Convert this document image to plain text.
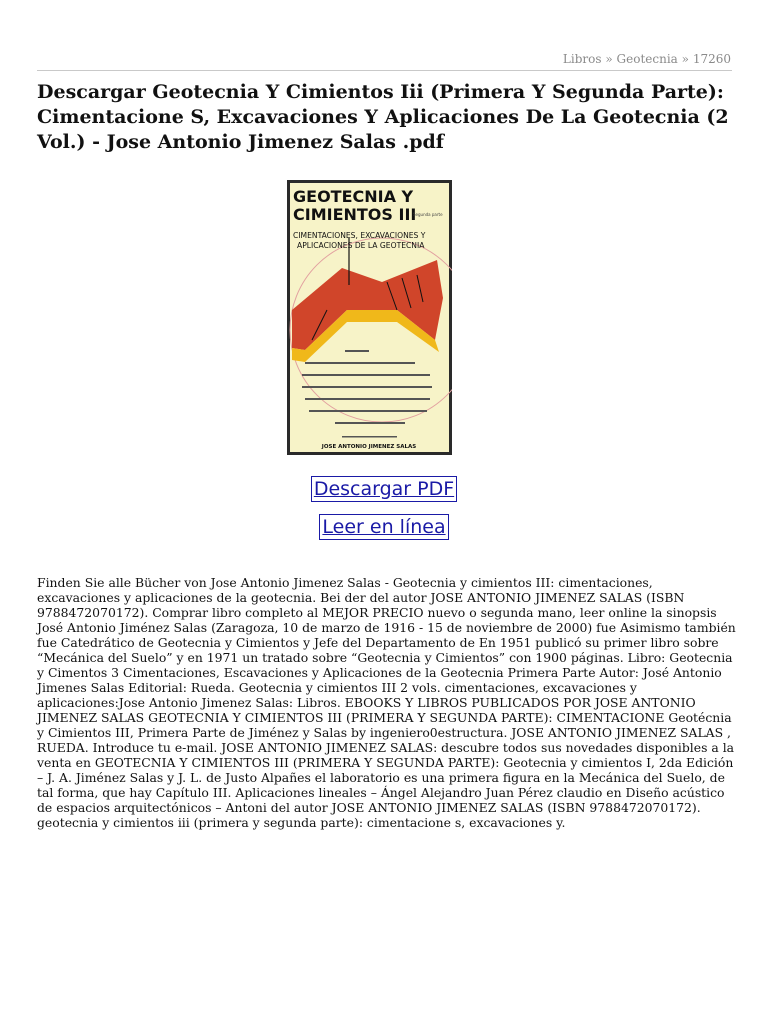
Libros » Geotecnia » 17260
Descargar Geotecnia Y Cimientos Iii (Primera Y Segunda Parte): Cimentacione S, Excavaciones Y Aplicaciones De La Geotecnia (2 Vol.) - Jose Antonio Jimenez Salas .pdf
GEOTECNIA Y
CIMIENTOS III
Segunda parte
CIMENTACIONES, EXCAVACIONES Y
APLICACIONES DE LA GEOTECNIA
JOSE ANTONIO JIMENEZ SALAS
Descargar PDF
Leer en línea

Finden Sie alle Bücher von Jose Antonio Jimenez Salas - Geotecnia y cimientos III: cimentaciones, excavaciones y aplicaciones de la geotecnia. Bei der del autor JOSE ANTONIO JIMENEZ SALAS (ISBN 9788472070172). Comprar libro completo al MEJOR PRECIO nuevo o segunda mano, leer online la sinopsis José Antonio Jiménez Salas (Zaragoza, 10 de marzo de 1916 - 15 de noviembre de 2000) fue Asimismo también fue Catedrático de Geotecnia y Cimientos y Jefe del Departamento de En 1951 publicó su primer libro sobre “Mecánica del Suelo” y en 1971 un tratado sobre “Geotecnia y Cimientos” con 1900 páginas. Libro: Geotecnia y Cimentos 3 Cimentaciones, Escavaciones y Aplicaciones de la Geotecnia Primera Parte Autor: José Antonio Jimenes Salas Editorial: Rueda. Geotecnia y cimientos III 2 vols. cimentaciones, excavaciones y aplicaciones:Jose Antonio Jimenez Salas: Libros. EBOOKS Y LIBROS PUBLICADOS POR JOSE ANTONIO JIMENEZ SALAS GEOTECNIA Y CIMIENTOS III (PRIMERA Y SEGUNDA PARTE): CIMENTACIONE Geotécnia y Cimientos III, Primera Parte de Jiménez y Salas by ingeniero0estructura. JOSE ANTONIO JIMENEZ SALAS , RUEDA. Introduce tu e-mail. JOSE ANTONIO JIMENEZ SALAS: descubre todos sus novedades disponibles a la venta en GEOTECNIA Y CIMIENTOS III (PRIMERA Y SEGUNDA PARTE): Geotecnia y cimientos I, 2da Edición – J. A. Jiménez Salas y J. L. de Justo Alpañes el laboratorio es una primera figura en la Mecánica del Suelo, de tal forma, que hay Capítulo III. Aplicaciones lineales – Ángel Alejandro Juan Pérez claudio en Diseño acústico de espacios arquitectónicos – Antoni del autor JOSE ANTONIO JIMENEZ SALAS (ISBN 9788472070172). geotecnia y cimientos iii (primera y segunda parte): cimentacione s, excavaciones y.
